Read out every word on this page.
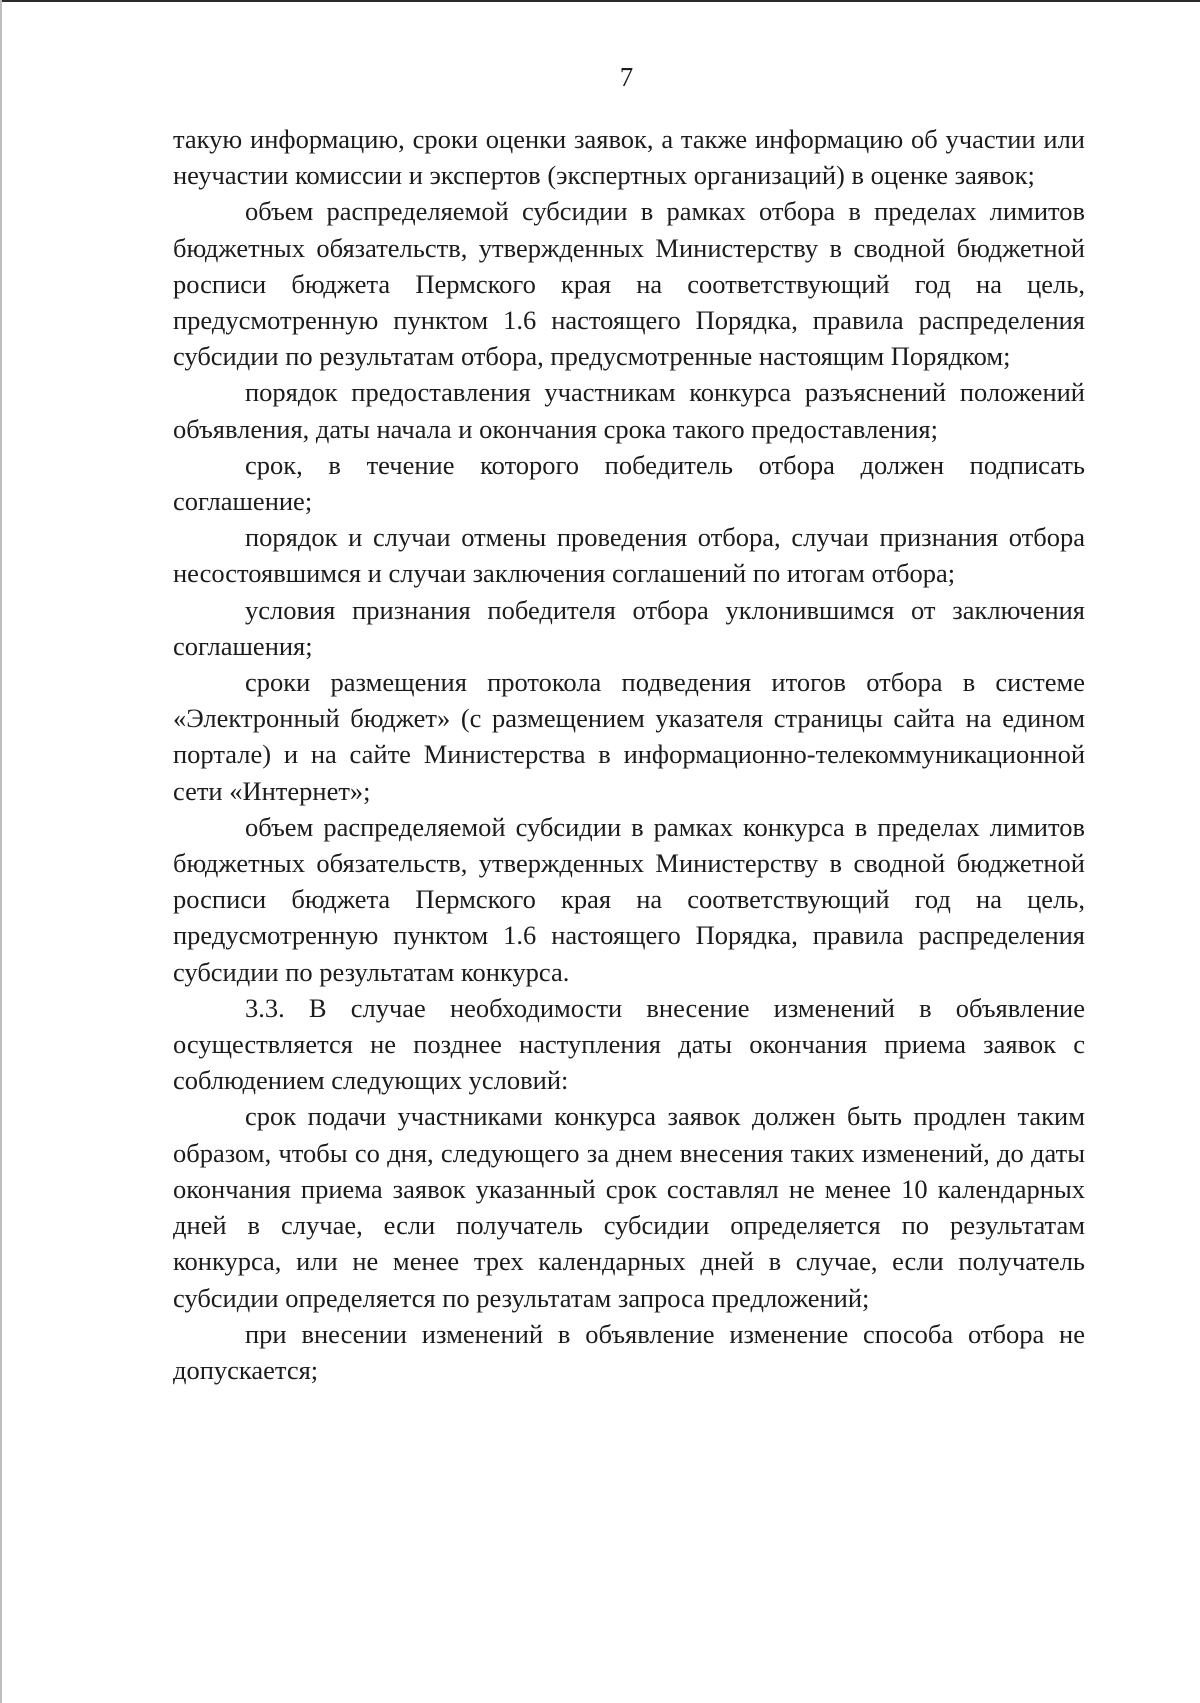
7

такую информацию, сроки оценки заявок, а также информацию об участии или неучастии комиссии и экспертов (экспертных организаций) в оценке заявок;

объем распределяемой субсидии в рамках отбора в пределах лимитов бюджетных обязательств, утвержденных Министерству в сводной бюджетной росписи бюджета Пермского края на соответствующий год на цель, предусмотренную пунктом 1.6 настоящего Порядка, правила распределения субсидии по результатам отбора, предусмотренные настоящим Порядком;

порядок предоставления участникам конкурса разъяснений положений объявления, даты начала и окончания срока такого предоставления;

срок, в течение которого победитель отбора должен подписать соглашение;

порядок и случаи отмены проведения отбора, случаи признания отбора несостоявшимся и случаи заключения соглашений по итогам отбора;

условия признания победителя отбора уклонившимся от заключения соглашения;

сроки размещения протокола подведения итогов отбора в системе «Электронный бюджет» (с размещением указателя страницы сайта на едином портале) и на сайте Министерства в информационно-телекоммуникационной сети «Интернет»;

объем распределяемой субсидии в рамках конкурса в пределах лимитов бюджетных обязательств, утвержденных Министерству в сводной бюджетной росписи бюджета Пермского края на соответствующий год на цель, предусмотренную пунктом 1.6 настоящего Порядка, правила распределения субсидии по результатам конкурса.

3.3. В случае необходимости внесение изменений в объявление осуществляется не позднее наступления даты окончания приема заявок с соблюдением следующих условий:

срок подачи участниками конкурса заявок должен быть продлен таким образом, чтобы со дня, следующего за днем внесения таких изменений, до даты окончания приема заявок указанный срок составлял не менее 10 календарных дней в случае, если получатель субсидии определяется по результатам конкурса, или не менее трех календарных дней в случае, если получатель субсидии определяется по результатам запроса предложений;

при внесении изменений в объявление изменение способа отбора не допускается;
